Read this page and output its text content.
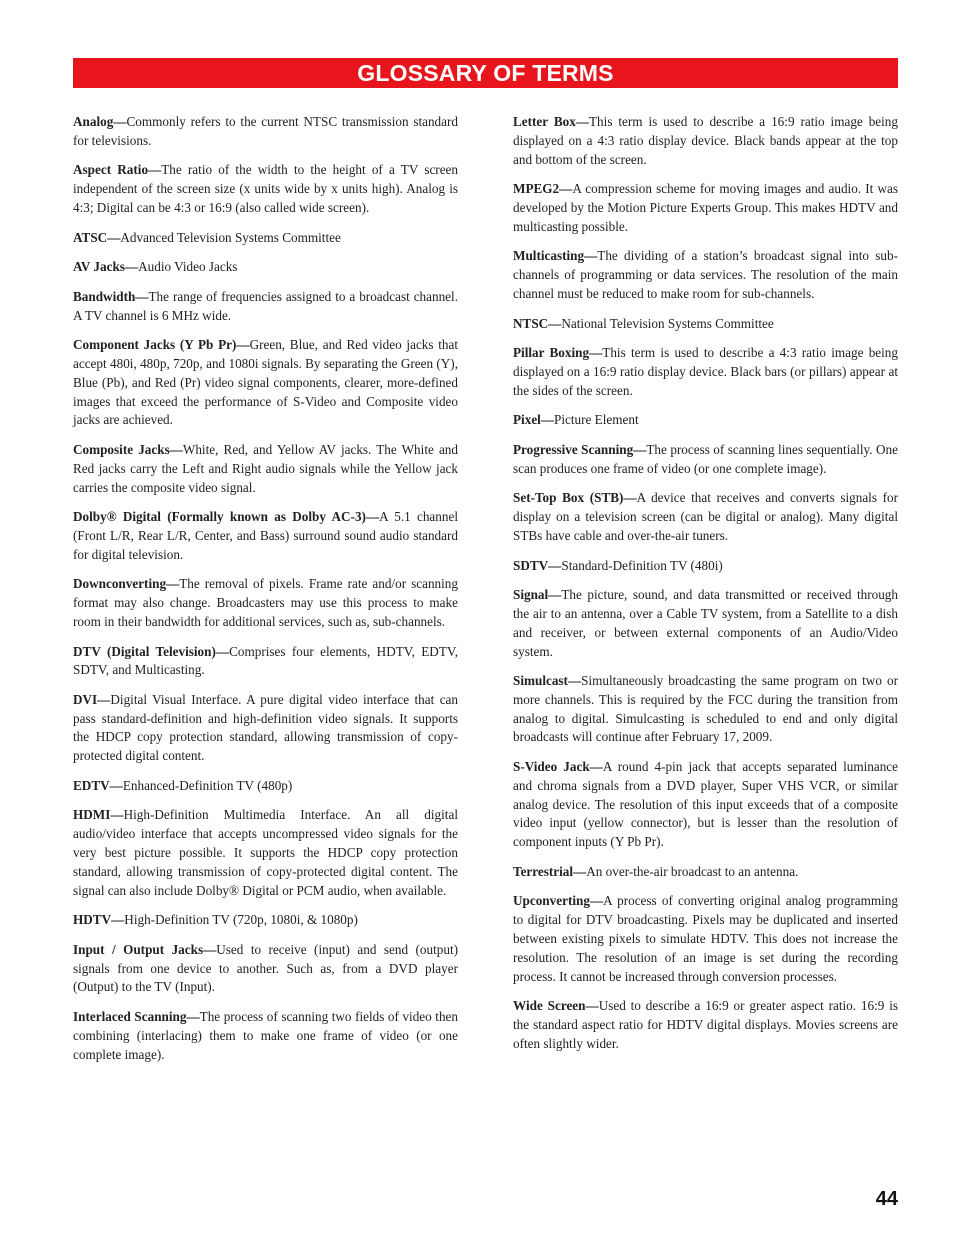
GLOSSARY OF TERMS

Analog—Commonly refers to the current NTSC transmission standard for televisions.

Aspect Ratio—The ratio of the width to the height of a TV screen independent of the screen size (x units wide by x units high). Analog is 4:3; Digital can be 4:3 or 16:9 (also called wide screen).

ATSC—Advanced Television Systems Committee

AV Jacks—Audio Video Jacks

Bandwidth—The range of frequencies assigned to a broadcast channel. A TV channel is 6 MHz wide.

Component Jacks (Y Pb Pr)—Green, Blue, and Red video jacks that accept 480i, 480p, 720p, and 1080i signals. By separating the Green (Y), Blue (Pb), and Red (Pr) video signal components, clearer, more-defined images that exceed the performance of S-Video and Composite video jacks are achieved.

Composite Jacks—White, Red, and Yellow AV jacks. The White and Red jacks carry the Left and Right audio signals while the Yellow jack carries the composite video signal.

Dolby® Digital (Formally known as Dolby AC-3)—A 5.1 channel (Front L/R, Rear L/R, Center, and Bass) surround sound audio standard for digital television.

Downconverting—The removal of pixels. Frame rate and/or scanning format may also change. Broadcasters may use this process to make room in their bandwidth for additional services, such as, sub-channels.

DTV (Digital Television)—Comprises four elements, HDTV, EDTV, SDTV, and Multicasting.

DVI—Digital Visual Interface. A pure digital video interface that can pass standard-definition and high-definition video signals. It supports the HDCP copy protection standard, allowing transmission of copy-protected digital content.

EDTV—Enhanced-Definition TV (480p)

HDMI—High-Definition Multimedia Interface. An all digital audio/video interface that accepts uncompressed video signals for the very best picture possible. It supports the HDCP copy protection standard, allowing transmission of copy-protected digital content. The signal can also include Dolby® Digital or PCM audio, when available.

HDTV—High-Definition TV (720p, 1080i, & 1080p)

Input / Output Jacks—Used to receive (input) and send (output) signals from one device to another. Such as, from a DVD player (Output) to the TV (Input).

Interlaced Scanning—The process of scanning two fields of video then combining (interlacing) them to make one frame of video (or one complete image).

Letter Box—This term is used to describe a 16:9 ratio image being displayed on a 4:3 ratio display device. Black bands appear at the top and bottom of the screen.

MPEG2—A compression scheme for moving images and audio. It was developed by the Motion Picture Experts Group. This makes HDTV and multicasting possible.

Multicasting—The dividing of a station’s broadcast signal into sub-channels of programming or data services. The resolution of the main channel must be reduced to make room for sub-channels.

NTSC—National Television Systems Committee

Pillar Boxing—This term is used to describe a 4:3 ratio image being displayed on a 16:9 ratio display device. Black bars (or pillars) appear at the sides of the screen.

Pixel—Picture Element

Progressive Scanning—The process of scanning lines sequentially. One scan produces one frame of video (or one complete image).

Set-Top Box (STB)—A device that receives and converts signals for display on a television screen (can be digital or analog). Many digital STBs have cable and over-the-air tuners.

SDTV—Standard-Definition TV (480i)

Signal—The picture, sound, and data transmitted or received through the air to an antenna, over a Cable TV system, from a Satellite to a dish and receiver, or between external components of an Audio/Video system.

Simulcast—Simultaneously broadcasting the same program on two or more channels. This is required by the FCC during the transition from analog to digital. Simulcasting is scheduled to end and only digital broadcasts will continue after February 17, 2009.

S-Video Jack—A round 4-pin jack that accepts separated luminance and chroma signals from a DVD player, Super VHS VCR, or similar analog device. The resolution of this input exceeds that of a composite video input (yellow connector), but is lesser than the resolution of component inputs (Y Pb Pr).

Terrestrial—An over-the-air broadcast to an antenna.

Upconverting—A process of converting original analog programming to digital for DTV broadcasting. Pixels may be duplicated and inserted between existing pixels to simulate HDTV. This does not increase the resolution. The resolution of an image is set during the recording process. It cannot be increased through conversion processes.

Wide Screen—Used to describe a 16:9 or greater aspect ratio. 16:9 is the standard aspect ratio for HDTV digital displays. Movies screens are often slightly wider.

44
